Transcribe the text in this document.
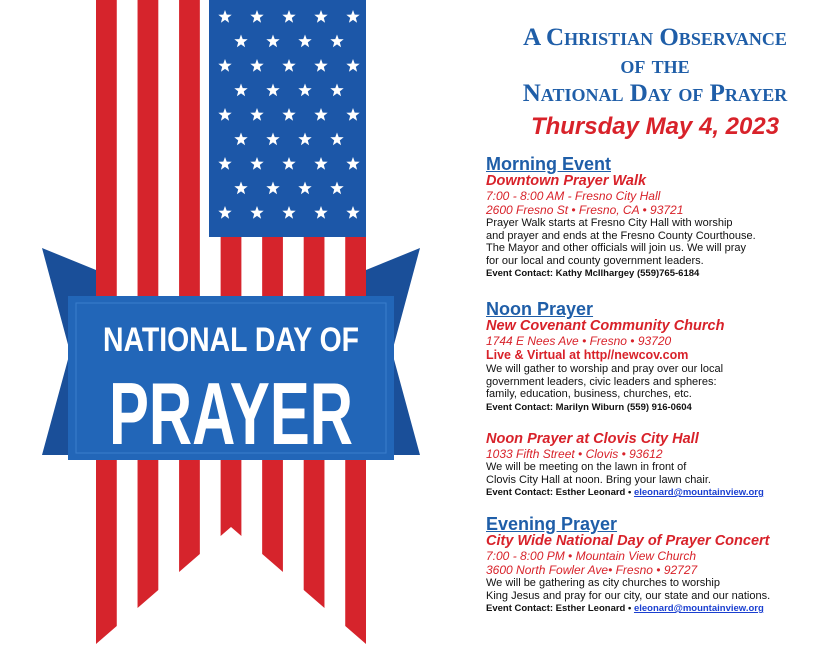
NATIONAL DAY OF
PRAYER
A Christian Observance
of the
National Day of Prayer
Thursday May 4, 2023
Morning Event
Downtown Prayer Walk
7:00 - 8:00 AM - Fresno City Hall
2600 Fresno St • Fresno, CA • 93721
Prayer Walk starts at Fresno City Hall with worship
and prayer and ends at the Fresno County Courthouse.
The Mayor and other officials will join us. We will pray
for our local and county government leaders.
Event Contact: Kathy McIlhargey (559)765-6184
Noon Prayer
New Covenant Community Church
1744 E Nees Ave • Fresno • 93720
Live & Virtual at http//newcov.com
We will gather to worship and pray over our local
government leaders, civic leaders and spheres:
family, education, business, churches, etc.
Event Contact: Marilyn Wiburn (559) 916-0604
Noon Prayer at Clovis City Hall
1033 Fifth Street • Clovis • 93612
We will be meeting on the lawn in front of
Clovis City Hall at noon. Bring your lawn chair.
Event Contact: Esther Leonard • eleonard@mountainview.org
Evening Prayer
City Wide National Day of Prayer Concert
7:00 - 8:00 PM • Mountain View Church
3600 North Fowler Ave• Fresno • 92727
We will be gathering as city churches to worship
King Jesus and pray for our city, our state and our nations.
Event Contact: Esther Leonard • eleonard@mountainview.org
